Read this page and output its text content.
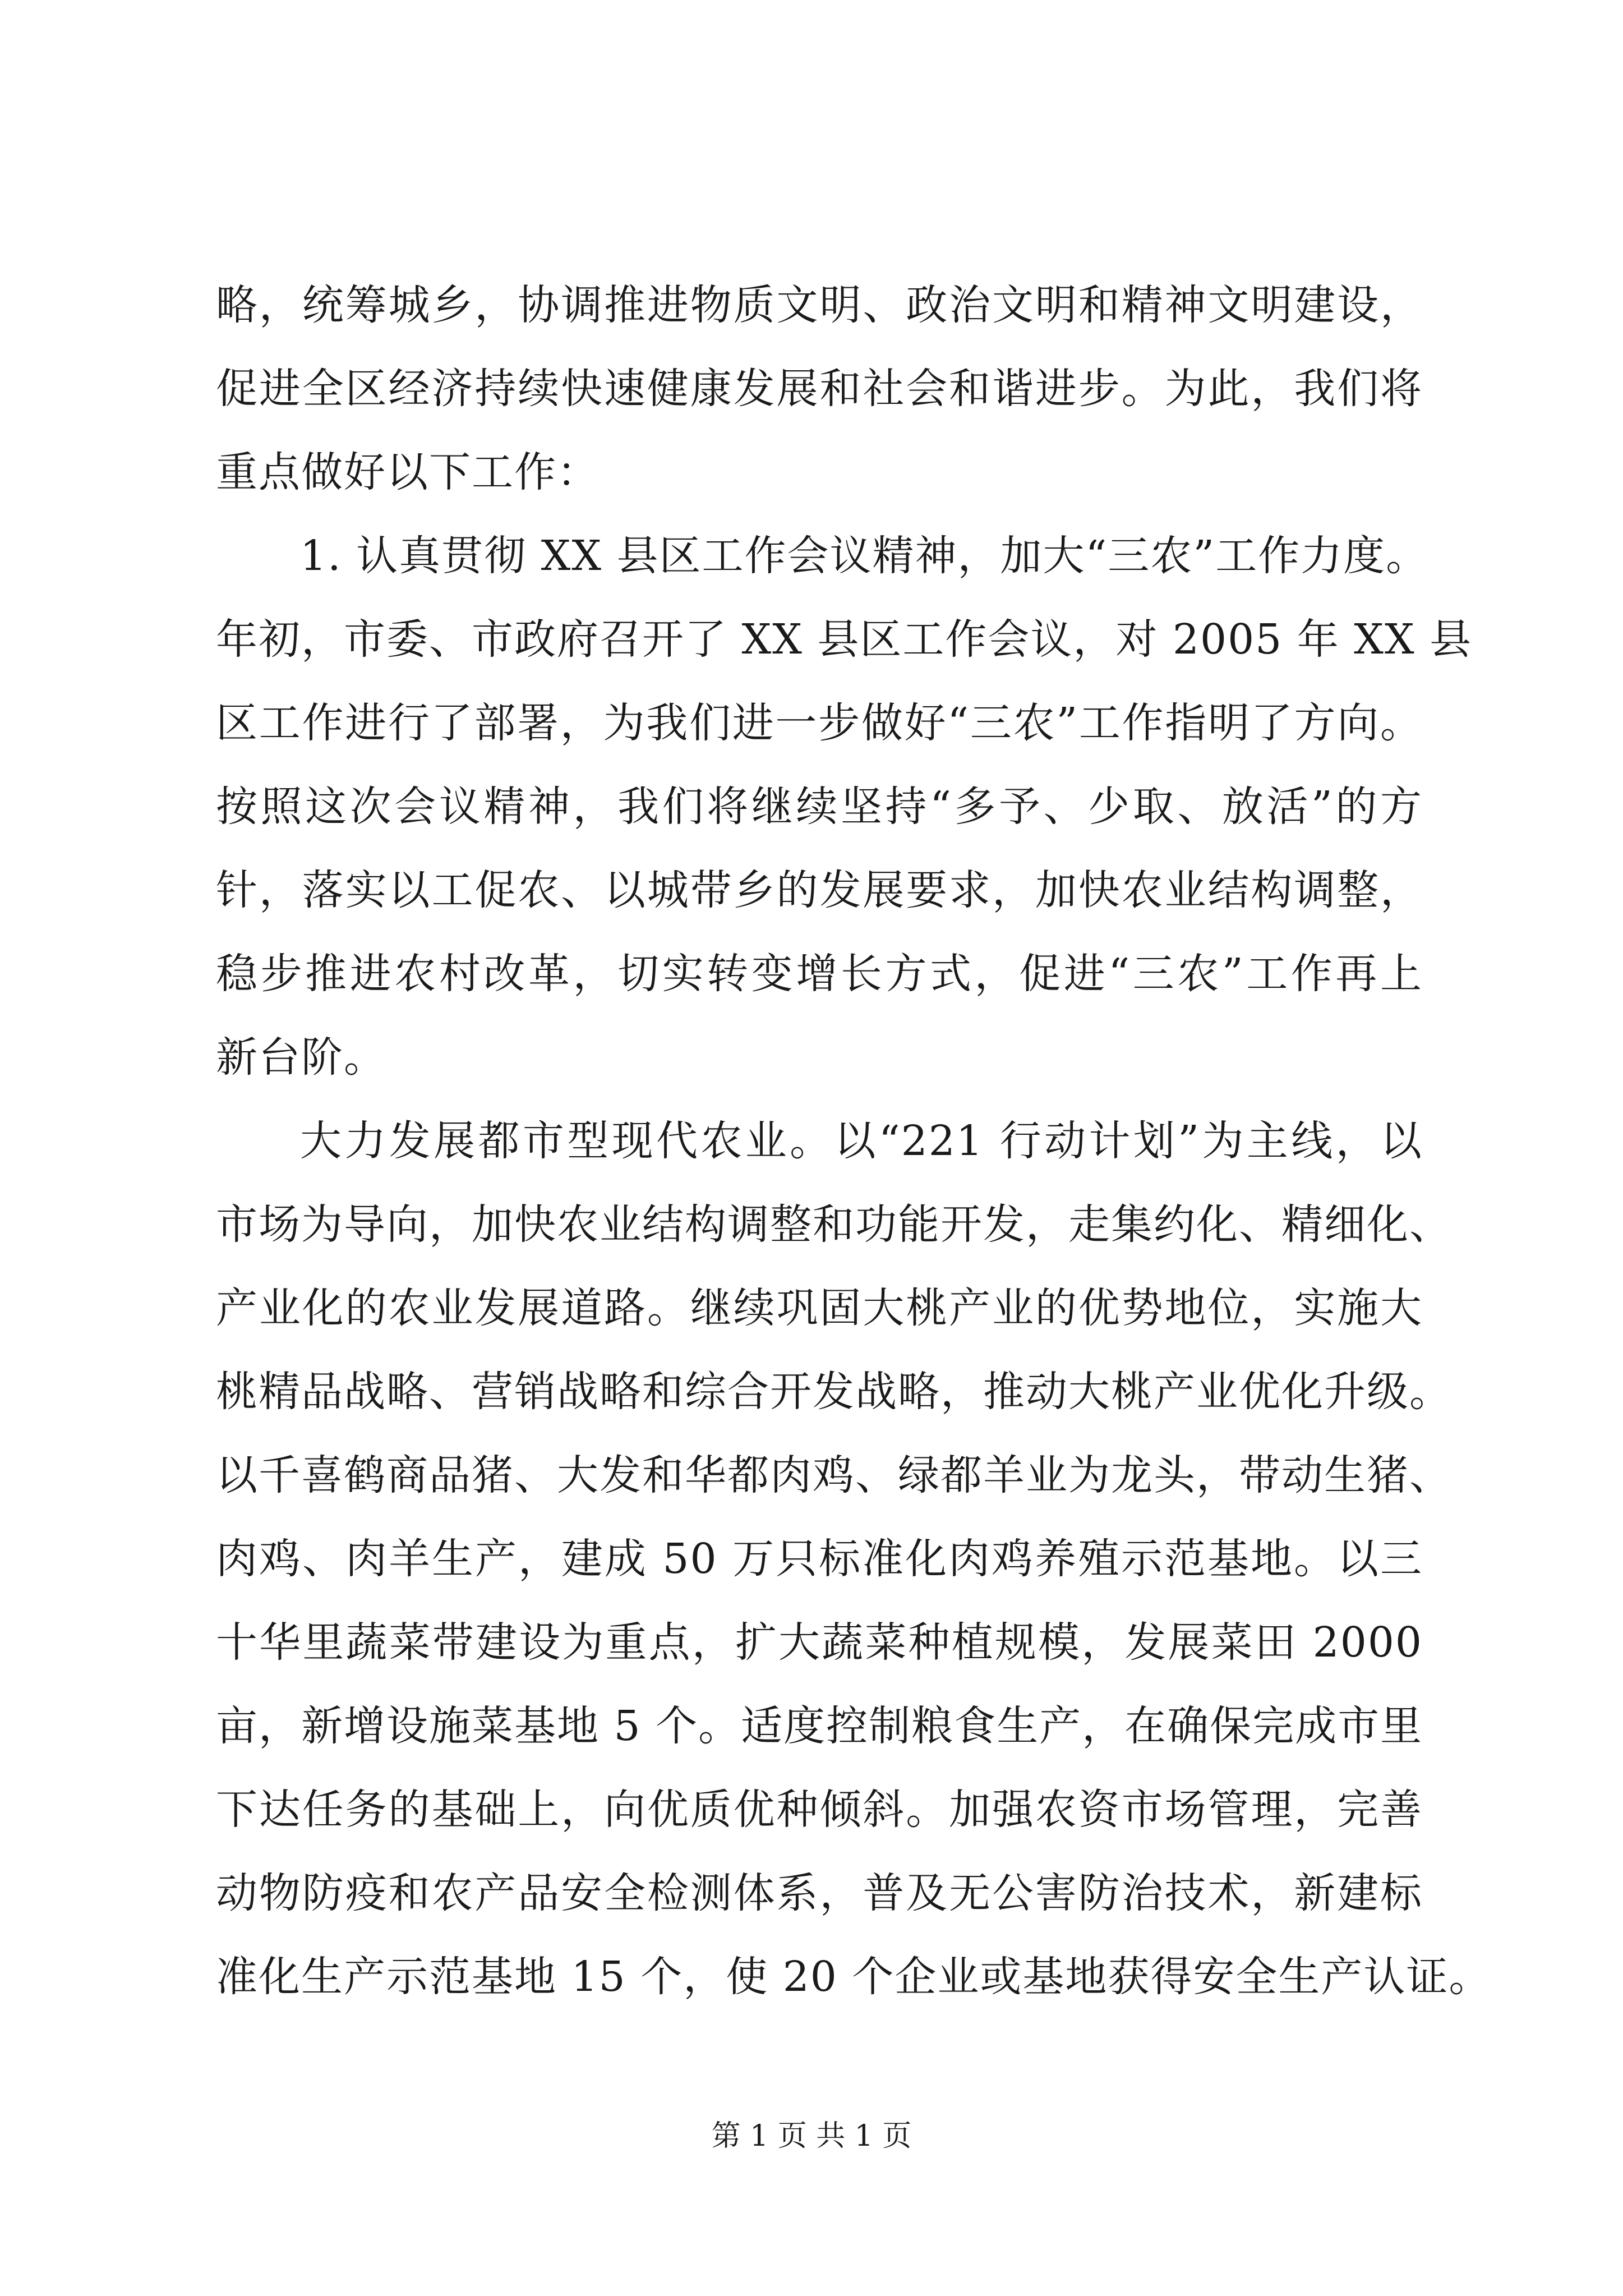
略，统筹城乡，协调推进物质文明、政治文明和精神文明建设，
促进全区经济持续快速健康发展和社会和谐进步。为此，我们将
重点做好以下工作：
1. 认真贯彻 XX 县区工作会议精神，加大“三农”工作力度。
年初，市委、市政府召开了 XX 县区工作会议，对 2005 年 XX 县
区工作进行了部署，为我们进一步做好“三农”工作指明了方向。
按照这次会议精神，我们将继续坚持“多予、少取、放活”的方
针，落实以工促农、以城带乡的发展要求，加快农业结构调整，
稳步推进农村改革，切实转变增长方式，促进“三农”工作再上
新台阶。
大力发展都市型现代农业。以“221 行动计划”为主线，以
市场为导向，加快农业结构调整和功能开发，走集约化、精细化、
产业化的农业发展道路。继续巩固大桃产业的优势地位，实施大
桃精品战略、营销战略和综合开发战略，推动大桃产业优化升级。
以千喜鹤商品猪、大发和华都肉鸡、绿都羊业为龙头，带动生猪、
肉鸡、肉羊生产，建成 50 万只标准化肉鸡养殖示范基地。以三
十华里蔬菜带建设为重点，扩大蔬菜种植规模，发展菜田 2000
亩，新增设施菜基地 5 个。适度控制粮食生产，在确保完成市里
下达任务的基础上，向优质优种倾斜。加强农资市场管理，完善
动物防疫和农产品安全检测体系，普及无公害防治技术，新建标
准化生产示范基地 15 个，使 20 个企业或基地获得安全生产认证。
第 1 页 共 1 页
